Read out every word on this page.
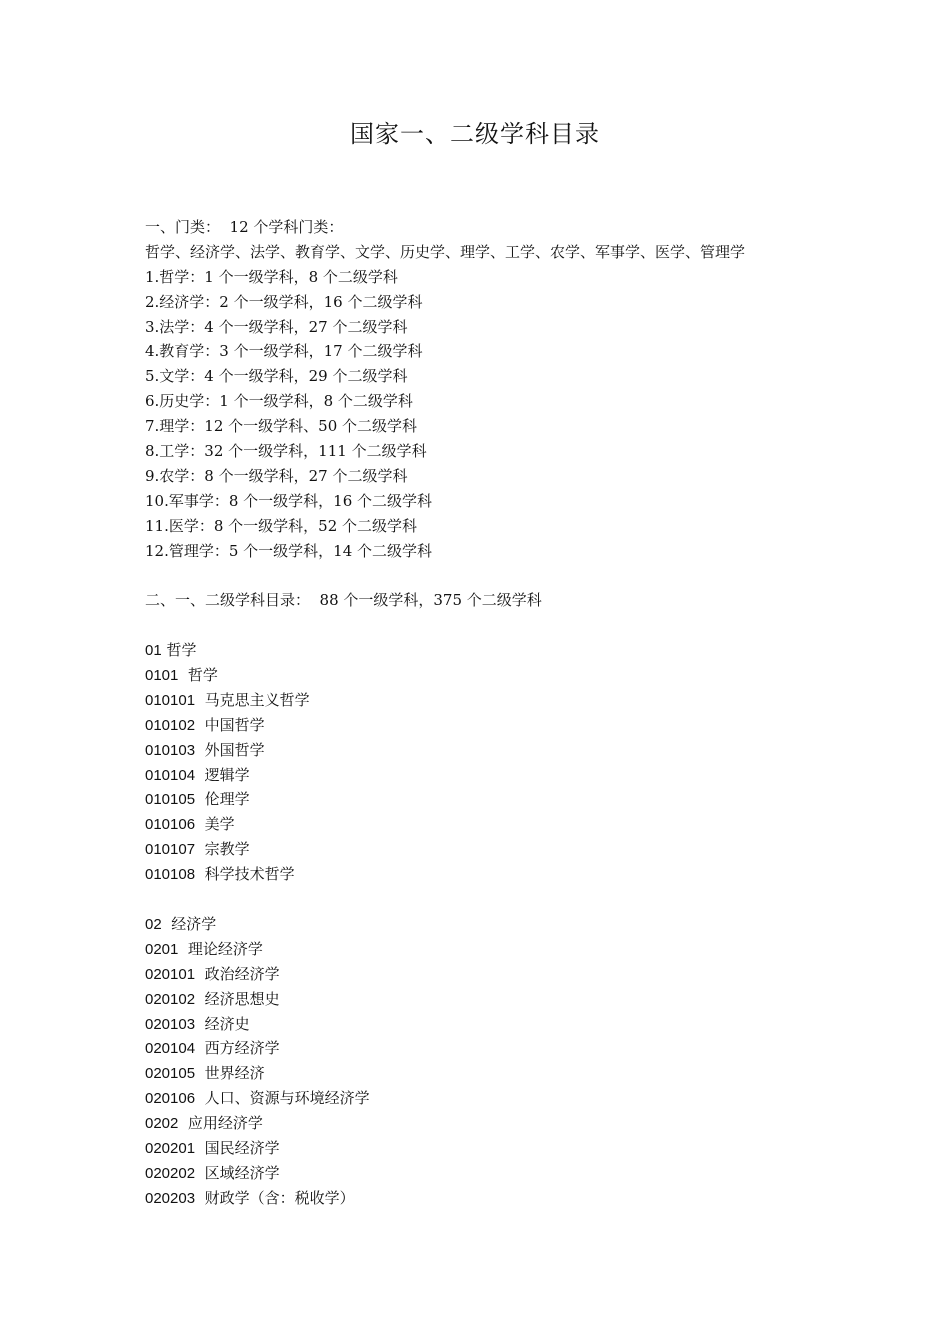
国家一、二级学科目录
一、门类：  12 个学科门类：
哲学、经济学、法学、教育学、文学、历史学、理学、工学、农学、军事学、医学、管理学
1.哲学：1 个一级学科，8 个二级学科
2.经济学：2 个一级学科，16 个二级学科
3.法学：4 个一级学科，27 个二级学科
4.教育学：3 个一级学科，17 个二级学科
5.文学：4 个一级学科，29 个二级学科
6.历史学：1 个一级学科，8 个二级学科
7.理学：12 个一级学科、50 个二级学科
8.工学：32 个一级学科，111 个二级学科
9.农学：8 个一级学科，27 个二级学科
10.军事学：8 个一级学科，16 个二级学科
11.医学：8 个一级学科，52 个二级学科
12.管理学：5 个一级学科，14 个二级学科
二、一、二级学科目录：  88 个一级学科，375 个二级学科
01 哲学
0101 哲学
010101 马克思主义哲学
010102 中国哲学
010103 外国哲学
010104 逻辑学
010105 伦理学
010106 美学
010107 宗教学
010108 科学技术哲学
02 经济学
0201 理论经济学
020101 政治经济学
020102 经济思想史
020103 经济史
020104 西方经济学
020105 世界经济
020106 人口、资源与环境经济学
0202 应用经济学
020201 国民经济学
020202 区域经济学
020203 财政学（含：税收学）
